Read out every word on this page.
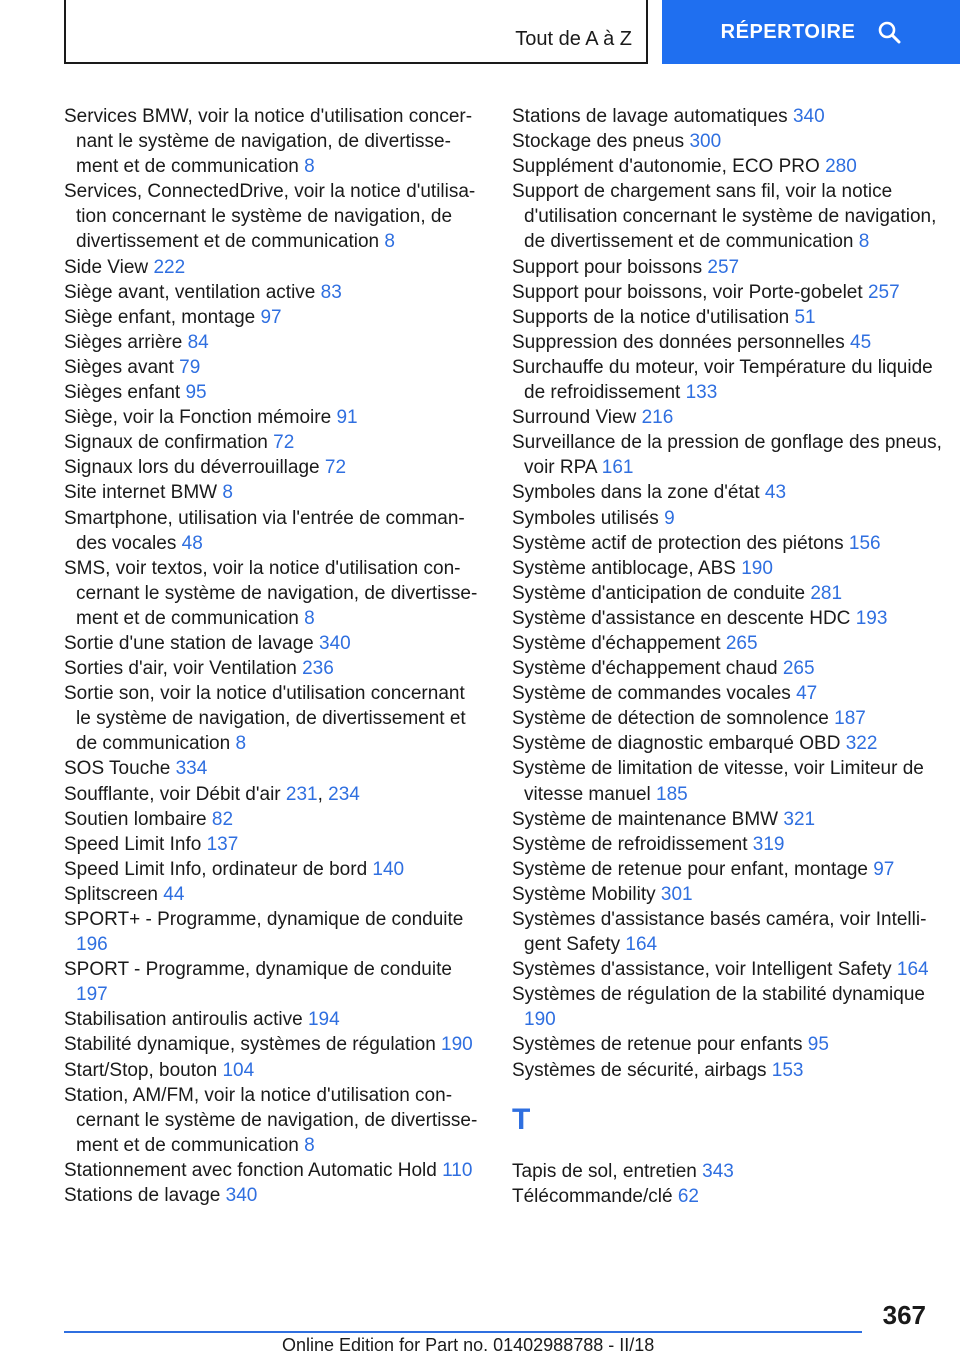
Tout de A à Z	RÉPERTOIRE
Services BMW, voir la notice d'utilisation concernant le système de navigation, de divertissement et de communication 8
Services, ConnectedDrive, voir la notice d'utilisation concernant le système de navigation, de divertissement et de communication 8
Side View 222
Siège avant, ventilation active 83
Siège enfant, montage 97
Sièges arrière 84
Sièges avant 79
Sièges enfant 95
Siège, voir la Fonction mémoire 91
Signaux de confirmation 72
Signaux lors du déverrouillage 72
Site internet BMW 8
Smartphone, utilisation via l'entrée de commandes vocales 48
SMS, voir textos, voir la notice d'utilisation concernant le système de navigation, de divertissement et de communication 8
Sortie d'une station de lavage 340
Sorties d'air, voir Ventilation 236
Sortie son, voir la notice d'utilisation concernant le système de navigation, de divertissement et de communication 8
SOS Touche 334
Soufflante, voir Débit d'air 231, 234
Soutien lombaire 82
Speed Limit Info 137
Speed Limit Info, ordinateur de bord 140
Splitscreen 44
SPORT+ - Programme, dynamique de conduite 196
SPORT - Programme, dynamique de conduite 197
Stabilisation antiroulis active 194
Stabilité dynamique, systèmes de régulation 190
Start/Stop, bouton 104
Station, AM/FM, voir la notice d'utilisation concernant le système de navigation, de divertissement et de communication 8
Stationnement avec fonction Automatic Hold 110
Stations de lavage 340
Stations de lavage automatiques 340
Stockage des pneus 300
Supplément d'autonomie, ECO PRO 280
Support de chargement sans fil, voir la notice d'utilisation concernant le système de navigation, de divertissement et de communication 8
Support pour boissons 257
Support pour boissons, voir Porte-gobelet 257
Supports de la notice d'utilisation 51
Suppression des données personnelles 45
Surchauffe du moteur, voir Température du liquide de refroidissement 133
Surround View 216
Surveillance de la pression de gonflage des pneus, voir RPA 161
Symboles dans la zone d'état 43
Symboles utilisés 9
Système actif de protection des piétons 156
Système antiblocage, ABS 190
Système d'anticipation de conduite 281
Système d'assistance en descente HDC 193
Système d'échappement 265
Système d'échappement chaud 265
Système de commandes vocales 47
Système de détection de somnolence 187
Système de diagnostic embarqué OBD 322
Système de limitation de vitesse, voir Limiteur de vitesse manuel 185
Système de maintenance BMW 321
Système de refroidissement 319
Système de retenue pour enfant, montage 97
Système Mobility 301
Systèmes d'assistance basés caméra, voir Intelligent Safety 164
Systèmes d'assistance, voir Intelligent Safety 164
Systèmes de régulation de la stabilité dynamique 190
Systèmes de retenue pour enfants 95
Systèmes de sécurité, airbags 153
T
Tapis de sol, entretien 343
Télécommande/clé 62
367
Online Edition for Part no. 01402988788 - II/18
